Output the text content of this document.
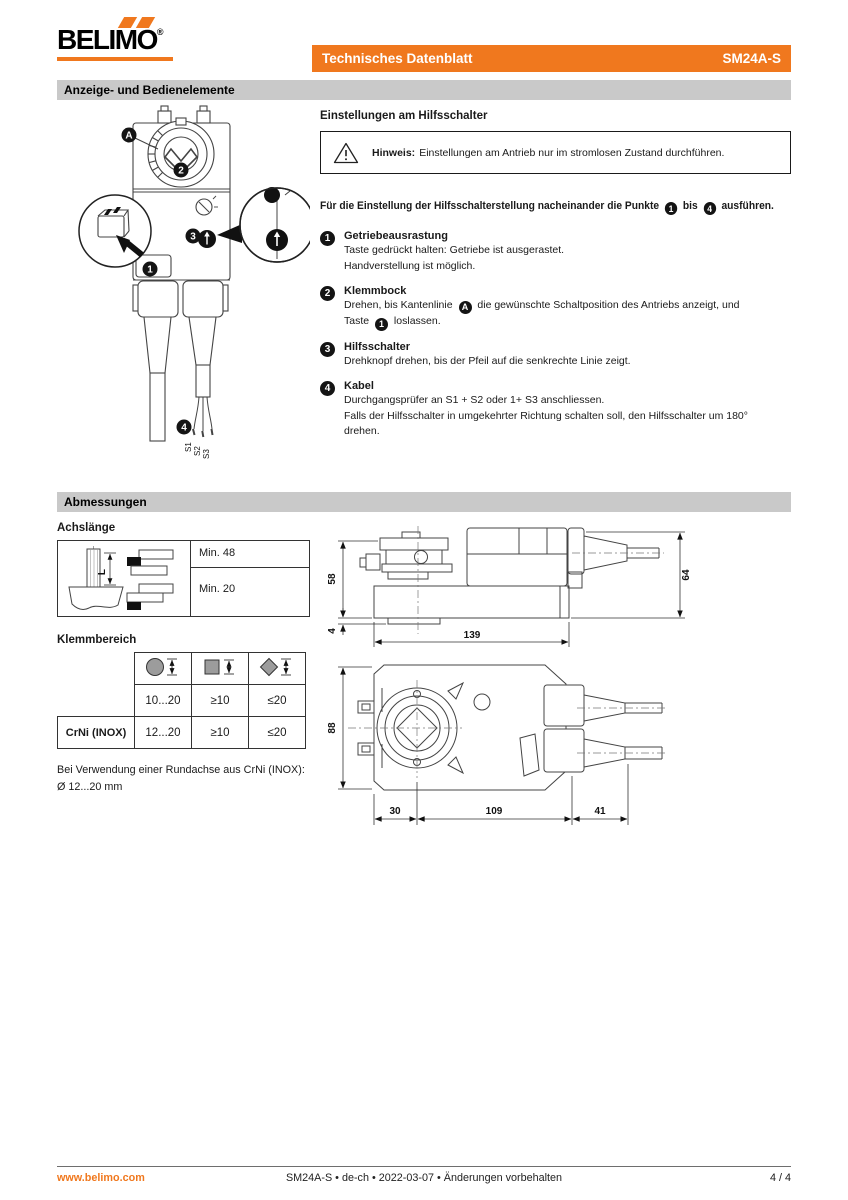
BELIMO®
Technisches Datenblatt	SM24A-S
Anzeige- und Bedienelemente
Abmessungen
A
2
3
1
4
S1 S2 S3
Einstellungen am Hilfsschalter
Hinweis: Einstellungen am Antrieb nur im stromlosen Zustand durchführen.
Für die Einstellung der Hilfsschalterstellung nacheinander die Punkte 1 bis 4 ausführen.
1	Getriebeausrastung
Taste gedrückt halten: Getriebe ist ausgerastet.
Handverstellung ist möglich.
2	Klemmbock
Drehen, bis Kantenlinie A die gewünschte Schaltposition des Antriebs anzeigt, und
Taste 1 loslassen.
3	Hilfsschalter
Drehknopf drehen, bis der Pfeil auf die senkrechte Linie zeigt.
4	Kabel
Durchgangsprüfer an S1 + S2 oder 1+ S3 anschliessen.
Falls der Hilfsschalter in umgekehrter Richtung schalten soll, den Hilfsschalter um 180°
drehen.
Achslänge
L
Min. 48
Min. 20
Klemmbereich

	10...20	≥10	≤20
CrNi (INOX)	12...20	≥10	≤20
Bei Verwendung einer Rundachse aus CrNi (INOX): Ø 12...20 mm
58
4
64
139
88
30	109	41
www.belimo.com	SM24A-S • de-ch • 2022-03-07 • Änderungen vorbehalten	4 / 4
